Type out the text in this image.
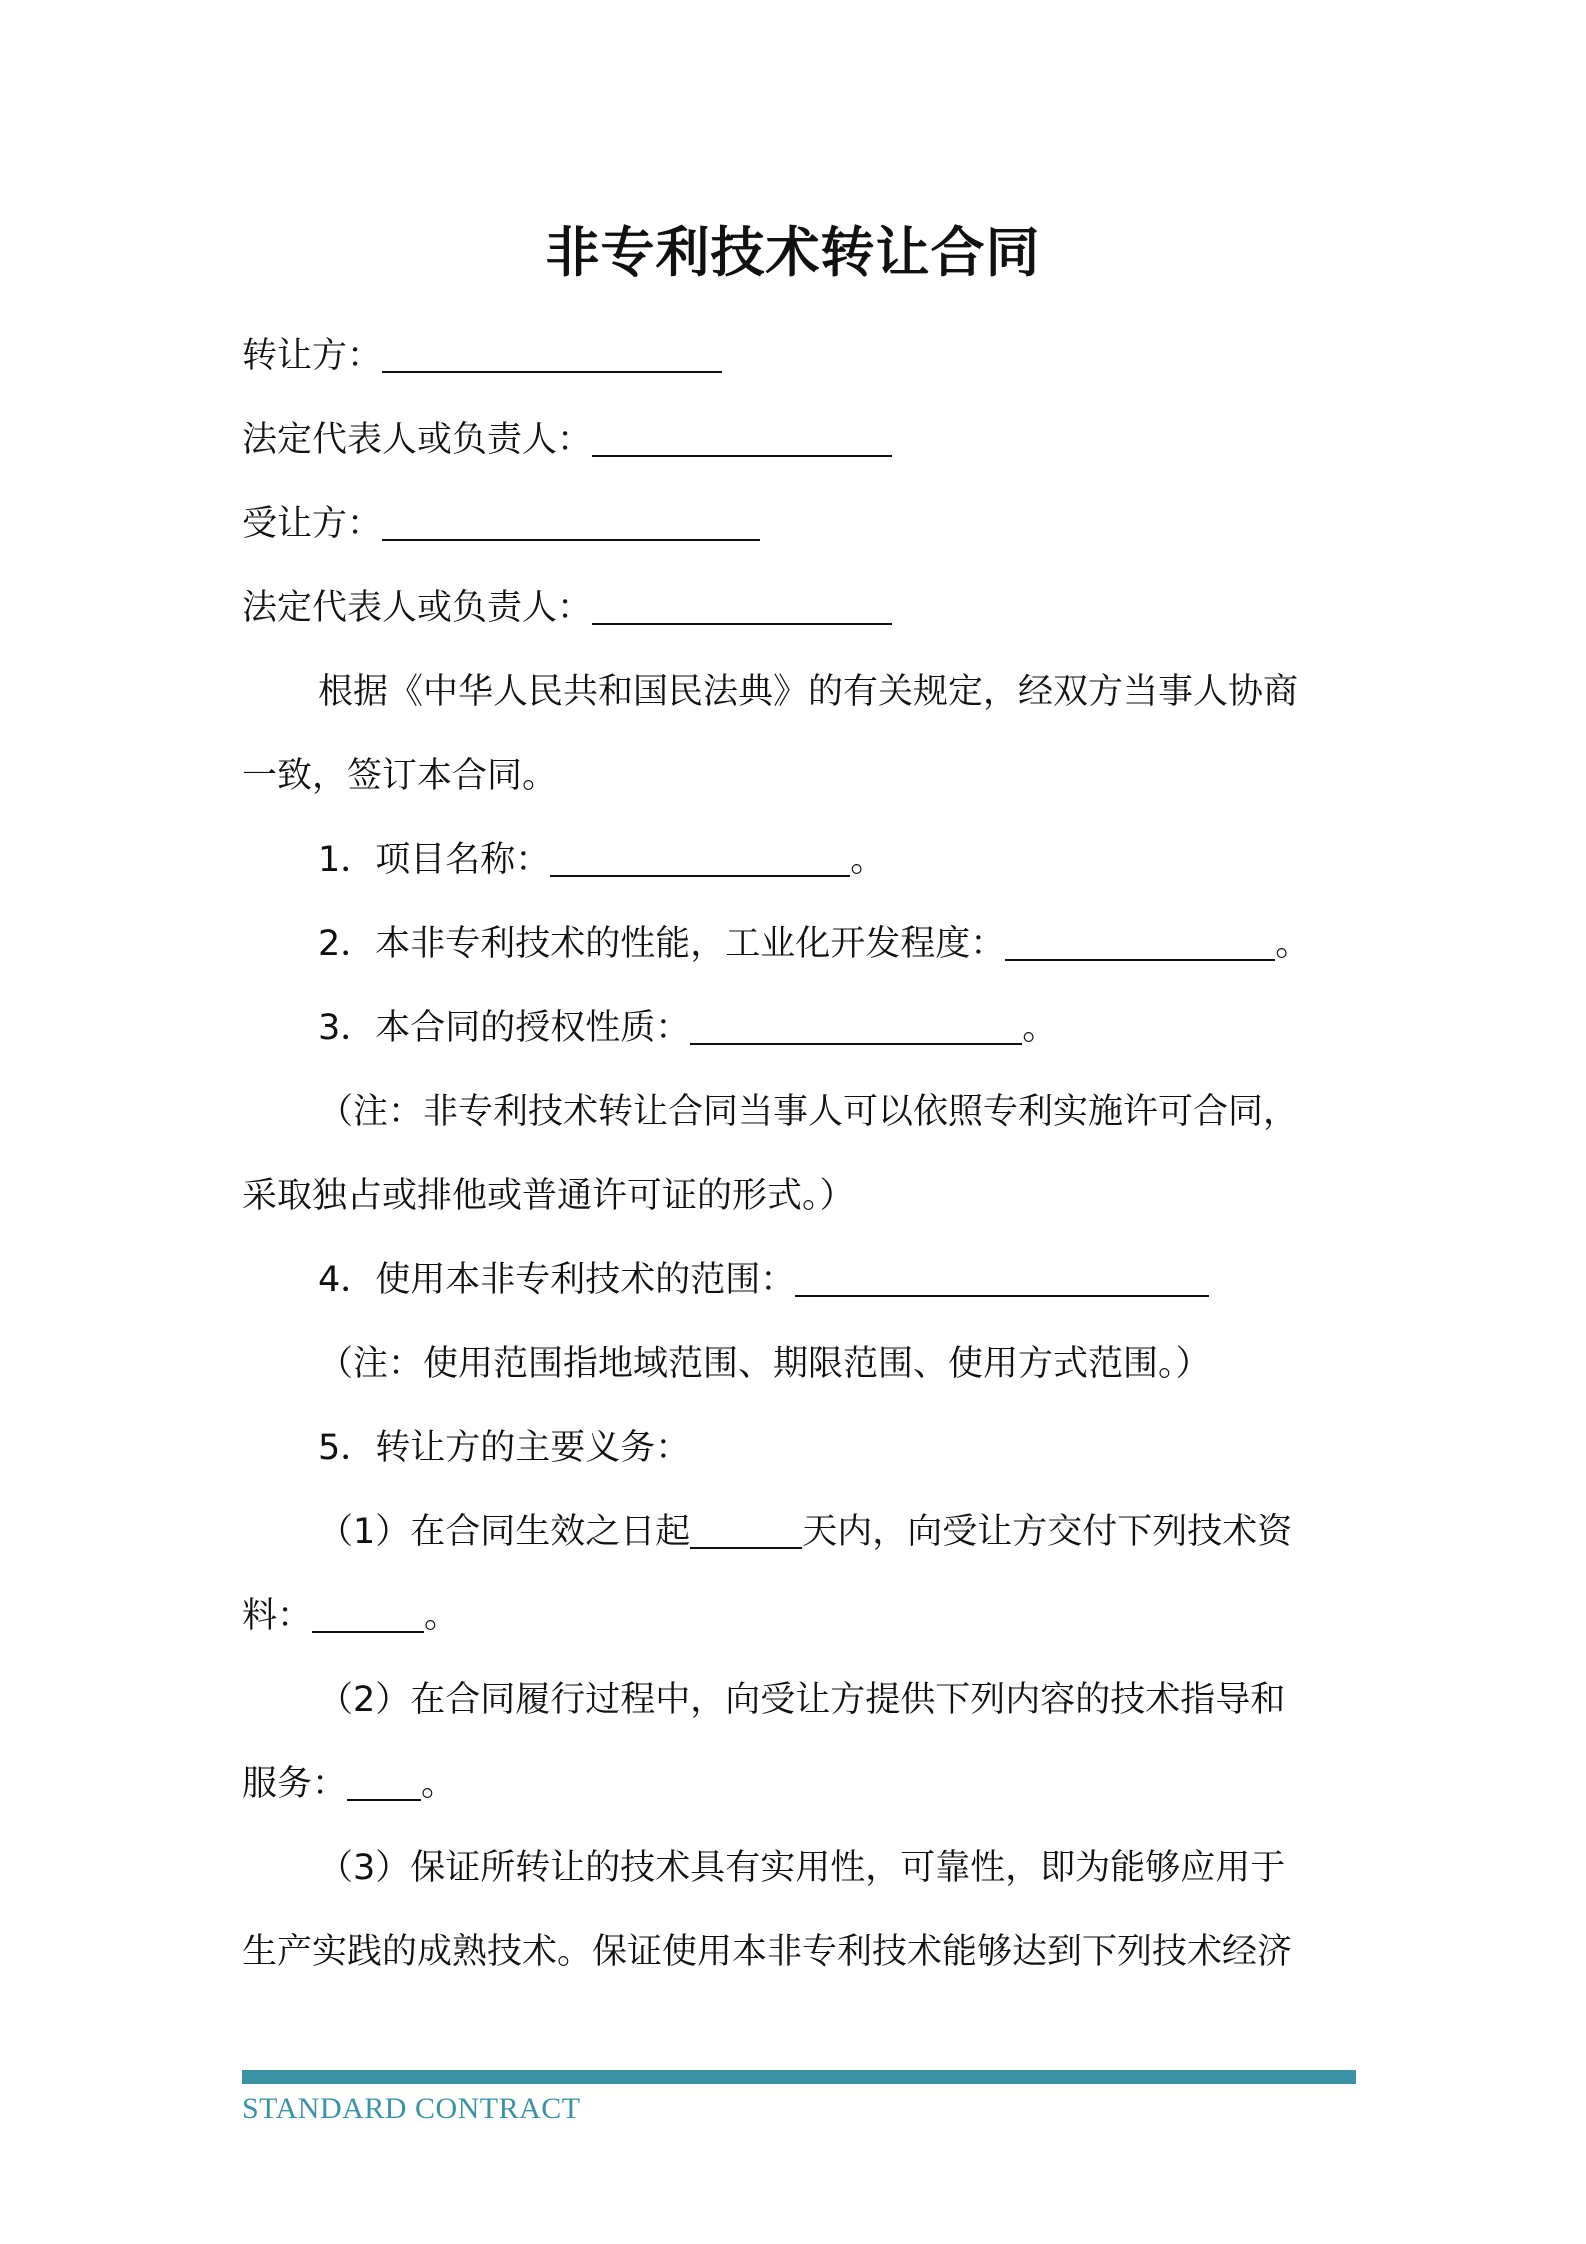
非专利技术转让合同
转让方：
法定代表人或负责人：
受让方：
法定代表人或负责人：
根据《中华人民共和国民法典》的有关规定，经双方当事人协商
一致，签订本合同。
1．项目名称：	。
2．本非专利技术的性能，工业化开发程度：	。
3．本合同的授权性质：	。
（注：非专利技术转让合同当事人可以依照专利实施许可合同，
采取独占或排他或普通许可证的形式。）
4．使用本非专利技术的范围：
（注：使用范围指地域范围、期限范围、使用方式范围。）
5．转让方的主要义务：
（1）在合同生效之日起	天内，向受让方交付下列技术资
料：	。
（2）在合同履行过程中，向受让方提供下列内容的技术指导和
服务： 。
（3）保证所转让的技术具有实用性，可靠性，即为能够应用于
生产实践的成熟技术。保证使用本非专利技术能够达到下列技术经济
STANDARD CONTRACT
